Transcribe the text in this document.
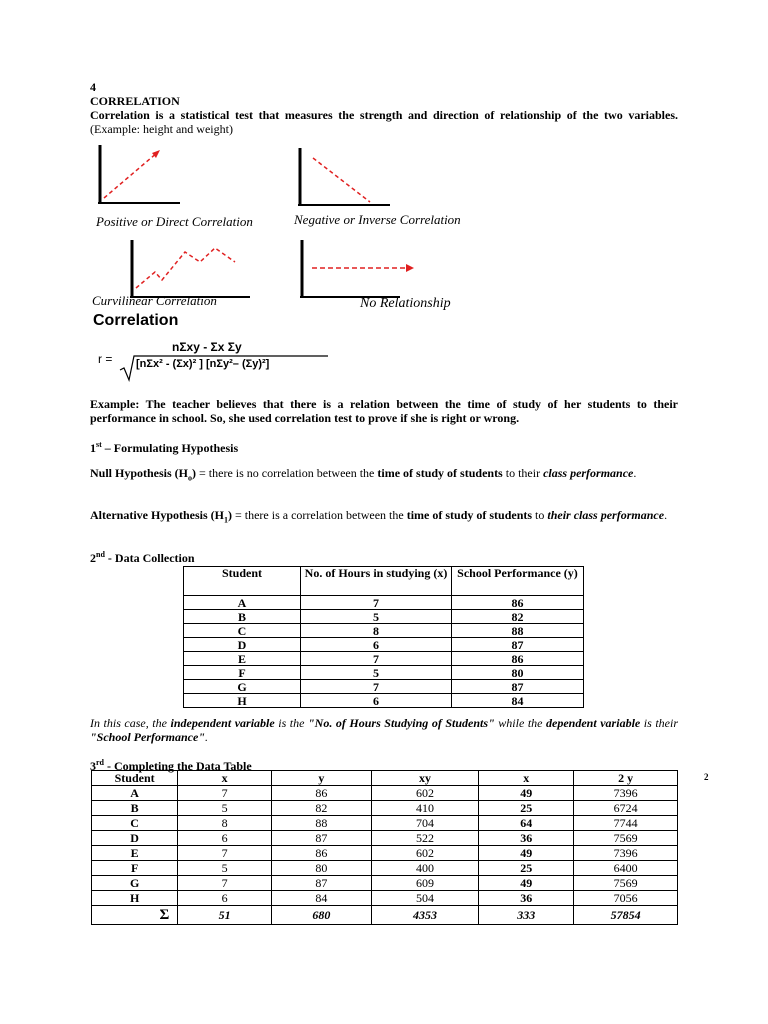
4
CORRELATION
Correlation is a statistical test that measures the strength and direction of relationship of the two variables. (Example: height and weight)
Positive or Direct Correlation	Negative or Inverse Correlation
Curvilinear Correlation	No Relationship
Correlation
r =
nΣxy - Σx Σy
[nΣx² - (Σx)² ] [nΣy²– (Σy)²]
Example: The teacher believes that there is a relation between the time of study of her students to their performance in school. So, she used correlation test to prove if she is right or wrong.
1st – Formulating Hypothesis
Null Hypothesis $(H_o)$ = there is no correlation between the time of study of students to their class performance.
Alternative Hypothesis $(H_1)$ = there is a correlation between the time of study of students to their class performance.
2nd - Data Collection
Student	No. of Hours in studying (x)	School Performance (y)
A	7	86
B	5	82
C	8	88
D	6	87
E	7	86
F	5	80
G	7	87
H	6	84
In this case, the independent variable is the "No. of Hours Studying of Students" while the dependent variable is their "School Performance".
3rd - Completing the Data Table
Student	x	y	xy	x	2 y
A	7	86	602	49	7396
B	5	82	410	25	6724
C	8	88	704	64	7744
D	6	87	522	36	7569
E	7	86	602	49	7396
F	5	80	400	25	6400
G	7	87	609	49	7569
H	6	84	504	36	7056
Σ	51	680	4353	333	57854
2
